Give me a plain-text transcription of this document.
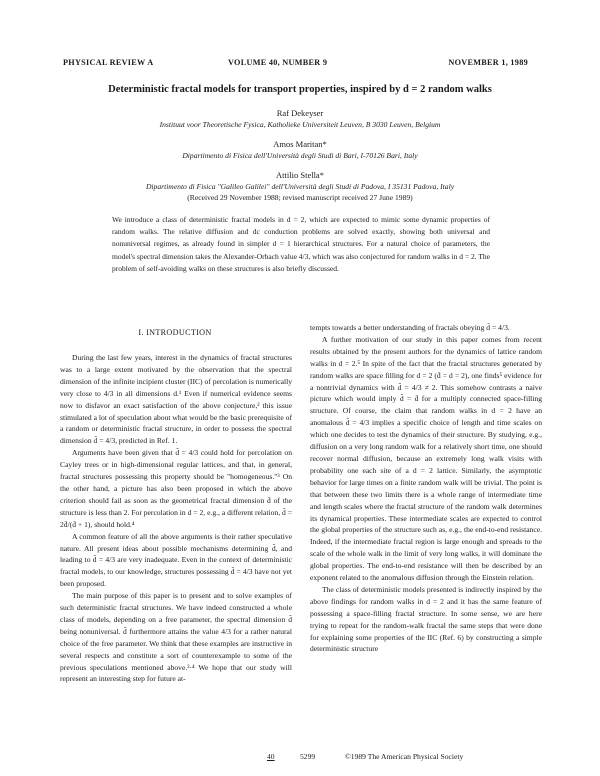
PHYSICAL REVIEW A	VOLUME 40, NUMBER 9	NOVEMBER 1, 1989
Deterministic fractal models for transport properties, inspired by d = 2 random walks
Raf Dekeyser
Instituut voor Theoretische Fysica, Katholieke Universiteit Leuven, B 3030 Leuven, Belgium
Amos Maritan*
Dipartimento di Fisica dell'Università degli Studi di Bari, I-70126 Bari, Italy
Attilio Stella*
Dipartimento di Fisica "Galileo Galilei" dell'Università degli Studi di Padova, I 35131 Padova, Italy
(Received 29 November 1988; revised manuscript received 27 June 1989)
We introduce a class of deterministic fractal models in d = 2, which are expected to mimic some dynamic properties of random walks. The relative diffusion and dc conduction problems are solved exactly, showing both universal and nonuniversal regimes, as already found in simpler d = 1 hierarchical structures. For a natural choice of parameters, the model's spectral dimension takes the Alexander-Orbach value 4/3, which was also conjectured for random walks in d = 2. The problem of self-avoiding walks on these structures is also briefly discussed.
I. INTRODUCTION

During the last few years, interest in the dynamics of fractal structures was to a large extent motivated by the observation that the spectral dimension of the infinite incipient cluster (IIC) of percolation is numerically very close to 4/3 in all dimensions d.¹ Even if numerical evidence seems now to disfavor an exact satisfaction of the above conjecture,² this issue stimulated a lot of speculation about what would be the basic prerequisite of a random or deterministic fractal structure, in order to possess the spectral dimension d̃ = 4/3, predicted in Ref. 1.

Arguments have been given that d̃ = 4/3 could hold for percolation on Cayley trees or in high-dimensional regular lattices, and that, in general, fractal structures possessing this property should be "homogeneous."³ On the other hand, a picture has also been proposed in which the above criterion should fail as soon as the geometrical fractal dimension d̄ of the structure is less than 2. For percolation in d = 2, e.g., a different relation, d̃ = 2d̄/(d̄ + 1), should hold.⁴

A common feature of all the above arguments is their rather speculative nature. All present ideas about possible mechanisms determining d̃, and leading to d̃ = 4/3 are very inadequate. Even in the context of deterministic fractal models, to our knowledge, structures possessing d̃ = 4/3 have not yet been proposed.

The main purpose of this paper is to present and to solve examples of such deterministic fractal structures. We have indeed constructed a whole class of models, depending on a free parameter, the spectral dimension d̃ being nonuniversal. d̃ furthermore attains the value 4/3 for a rather natural choice of the free parameter. We think that these examples are instructive in several respects and constitute a sort of counterexample to some of the previous speculations mentioned above.³·⁴ We hope that our study will represent an interesting step for future at-

tempts towards a better understanding of fractals obeying d̃ = 4/3.

A further motivation of our study in this paper comes from recent results obtained by the present authors for the dynamics of lattice random walks in d = 2.⁵ In spite of the fact that the fractal structures generated by random walks are space filling for d = 2 (d̄ = d = 2), one finds⁵ evidence for a nontrivial dynamics with d̃ = 4/3 ≠ 2. This somehow contrasts a naive picture which would imply d̃ = d̄ for a multiply connected space-filling structure. Of course, the claim that random walks in d = 2 have an anomalous d̃ = 4/3 implies a specific choice of length and time scales on which one decides to test the dynamics of their structure. By studying, e.g., diffusion on a very long random walk for a relatively short time, one should recover normal diffusion, because an extremely long walk visits with probability one each site of a d = 2 lattice. Similarly, the asymptotic behavior for large times on a finite random walk will be trivial. The point is that between these two limits there is a whole range of intermediate time and length scales where the fractal structure of the random walk determines its dynamical properties. These intermediate scales are expected to control the global properties of the structure such as, e.g., the end-to-end resistance. Indeed, if the intermediate fractal region is large enough and spreads to the scale of the whole walk in the limit of very long walks, it will dominate the global properties. The end-to-end resistance will then be described by an exponent related to the anomalous diffusion through the Einstein relation.

The class of deterministic models presented is indirectly inspired by the above findings for random walks in d = 2 and it has the same feature of possessing a space-filling fractal structure. In some sense, we are here trying to repeat for the random-walk fractal the same steps that were done for explaining some properties of the IIC (Ref. 6) by constructing a simple deterministic structure

40	5299	©1989 The American Physical Society
